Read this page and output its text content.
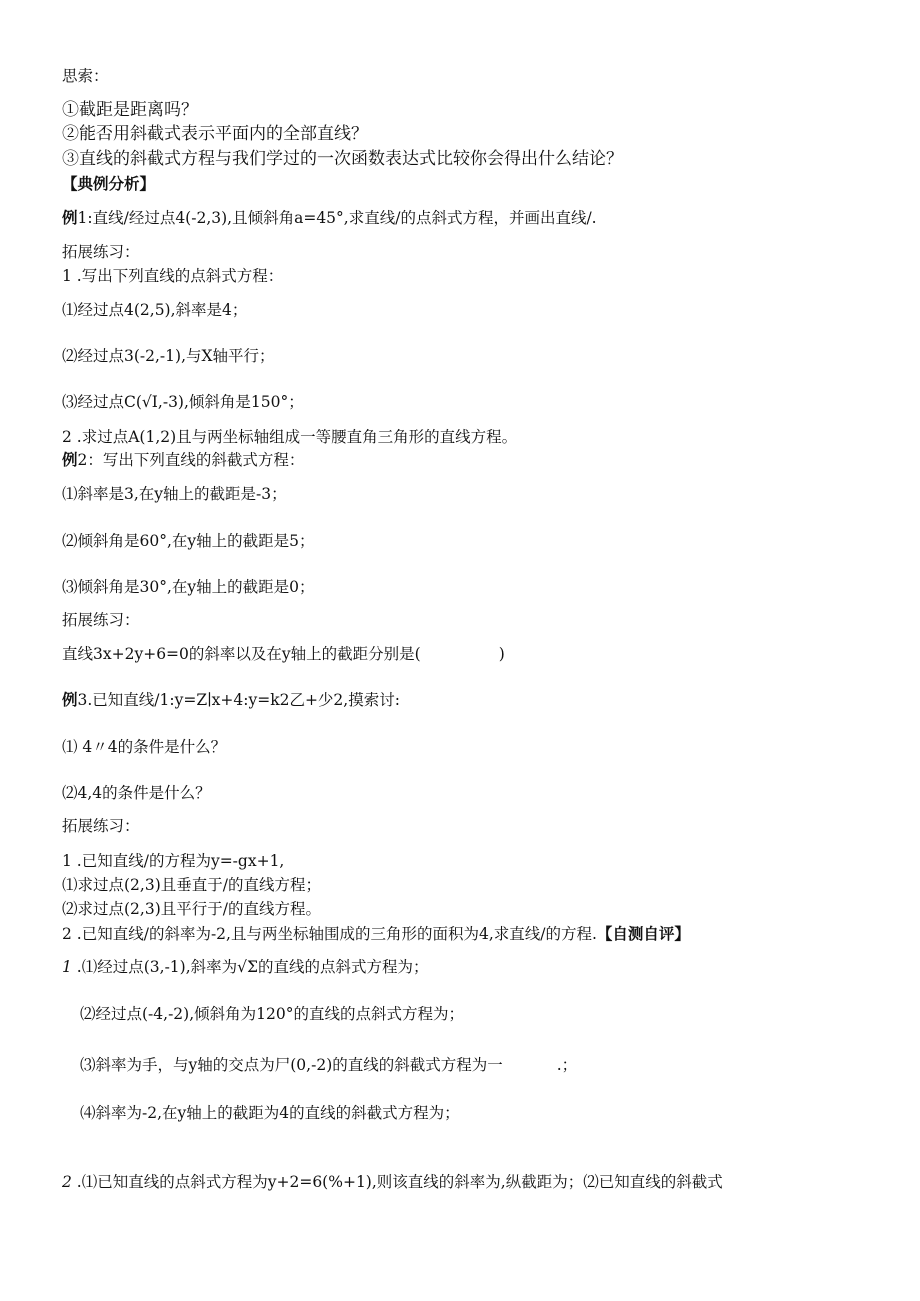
思索：
①截距是距离吗？
②能否用斜截式表示平面内的全部直线？
③直线的斜截式方程与我们学过的一次函数表达式比较你会得出什么结论？
【典例分析】
例1:直线/经过点4(-2,3),且倾斜角a=45°,求直线/的点斜式方程，并画出直线/.
拓展练习：
1 .写出下列直线的点斜式方程：
⑴经过点4(2,5),斜率是4；
⑵经过点3(-2,-1),与X轴平行；
⑶经过点C(√I,-3),倾斜角是150°；
2 .求过点A(1,2)且与两坐标轴组成一等腰直角三角形的直线方程。
例2：写出下列直线的斜截式方程：
⑴斜率是3,在y轴上的截距是-3；
⑵倾斜角是60°,在y轴上的截距是5；
⑶倾斜角是30°,在y轴上的截距是0；
拓展练习：
直线3x+2y+6=0的斜率以及在y轴上的截距分别是(	)
例3.已知直线/1:y=Z∣x+4:y=k2乙+少2,摸索讨:
⑴ 4〃4的条件是什么？
⑵4,4的条件是什么？
拓展练习：
1 .已知直线/的方程为y=-gx+1,
⑴求过点(2,3)且垂直于/的直线方程；
⑵求过点(2,3)且平行于/的直线方程。
2 .已知直线/的斜率为-2,且与两坐标轴围成的三角形的面积为4,求直线/的方程.【自测自评】
1 .⑴经过点(3,-1),斜率为√Σ的直线的点斜式方程为；
⑵经过点(-4,-2),倾斜角为120°的直线的点斜式方程为；
⑶斜率为手，与y轴的交点为尸(0,-2)的直线的斜截式方程为一	.；
⑷斜率为-2,在y轴上的截距为4的直线的斜截式方程为；
2 .⑴已知直线的点斜式方程为y+2=6(%+1),则该直线的斜率为,纵截距为；⑵已知直线的斜截式
